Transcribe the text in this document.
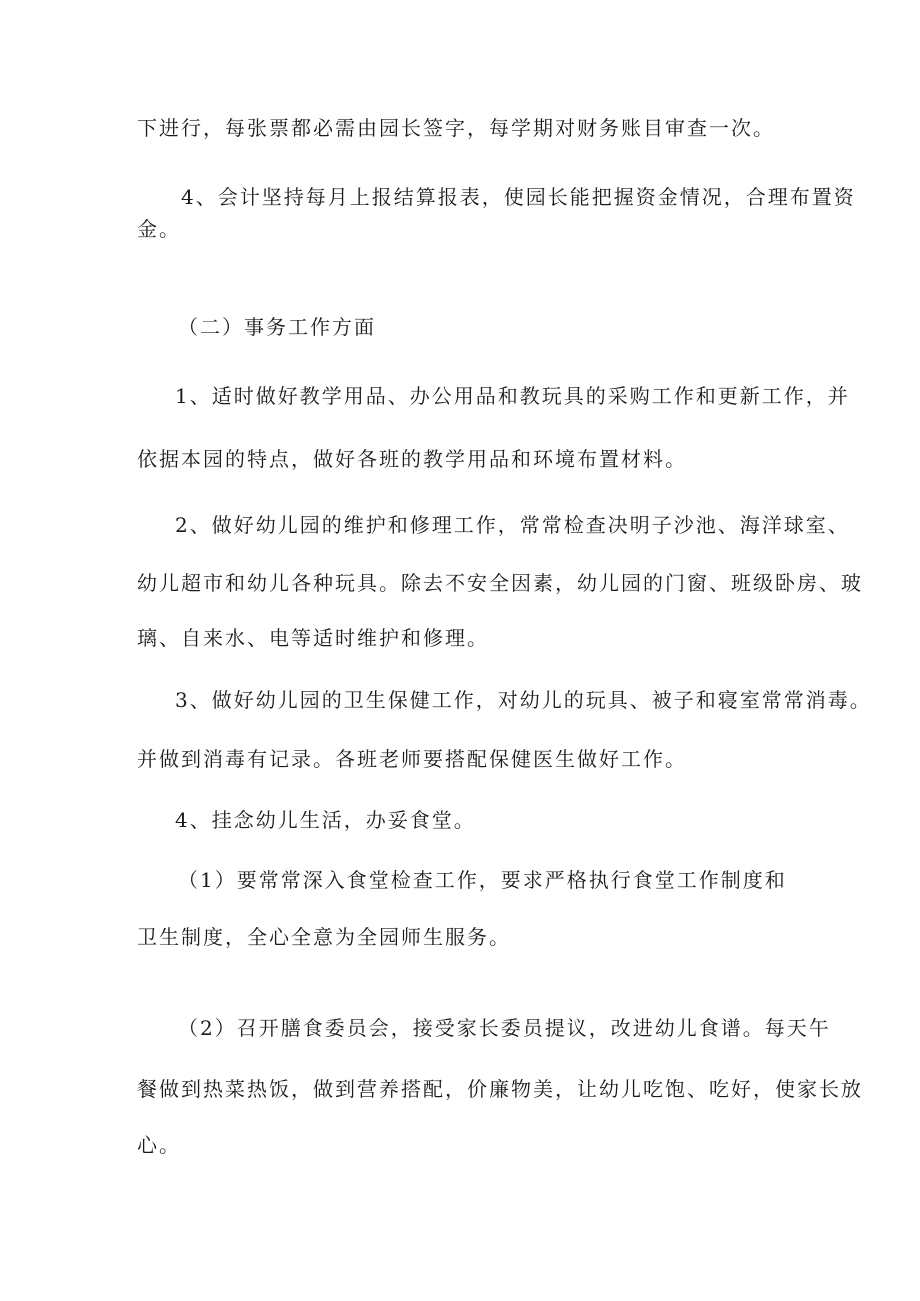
下进行，每张票都必需由园长签字，每学期对财务账目审查一次。
4、会计坚持每月上报结算报表，使园长能把握资金情况，合理布置资
金。
（二）事务工作方面
1、适时做好教学用品、办公用品和教玩具的采购工作和更新工作，并
依据本园的特点，做好各班的教学用品和环境布置材料。
2、做好幼儿园的维护和修理工作，常常检查决明子沙池、海洋球室、
幼儿超市和幼儿各种玩具。除去不安全因素，幼儿园的门窗、班级卧房、玻
璃、自来水、电等适时维护和修理。
3、做好幼儿园的卫生保健工作，对幼儿的玩具、被子和寝室常常消毒。
并做到消毒有记录。各班老师要搭配保健医生做好工作。
4、挂念幼儿生活，办妥食堂。
（1）要常常深入食堂检查工作，要求严格执行食堂工作制度和
卫生制度，全心全意为全园师生服务。
（2）召开膳食委员会，接受家长委员提议，改进幼儿食谱。每天午
餐做到热菜热饭，做到营养搭配，价廉物美，让幼儿吃饱、吃好，使家长放
心。
